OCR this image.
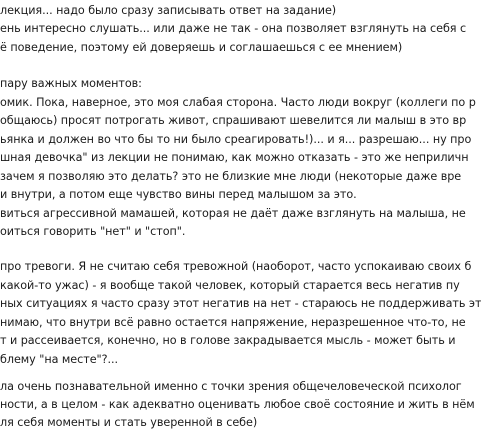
лекция... надо было сразу записывать ответ на задание)
ень интересно слушать... или даже не так - она позволяет взглянуть на себя с
ё поведение, поэтому ей доверяешь и соглашаешься с ее мнением)
пару важных моментов:
омик. Пока, наверное, это моя слабая сторона. Часто люди вокруг (коллеги по р
общаюсь) просят потрогать живот, спрашивают шевелится ли малыш в это вр
ьянка и должен во что бы то ни было среагировать!)... и я... разрешаю... ну про
шная девочка" из лекции не понимаю, как можно отказать - это же неприличн
зачем я позволяю это делать? это не близкие мне люди (некоторые даже вре
и внутри, а потом еще чувство вины перед малышом за это.
виться агрессивной мамашей, которая не даёт даже взглянуть на малыша, не
оиться говорить "нет" и "стоп".
про тревоги. Я не считаю себя тревожной (наоборот, часто успокаиваю своих б
какой-то ужас) - я вообще такой человек, который старается весь негатив пу
ных ситуациях я часто сразу этот негатив на нет - стараюсь не поддерживать эт
нимаю, что внутри всё равно остается напряжение, неразрешенное что-то, не
т и рассеивается, конечно, но в голове закрадывается мысль - может быть и
блему "на месте"?...
ла очень познавательной именно с точки зрения общечеловеческой психолог
ности, а в целом - как адекватно оценивать любое своё состояние и жить в нём
ля себя моменты и стать уверенной в себе)
